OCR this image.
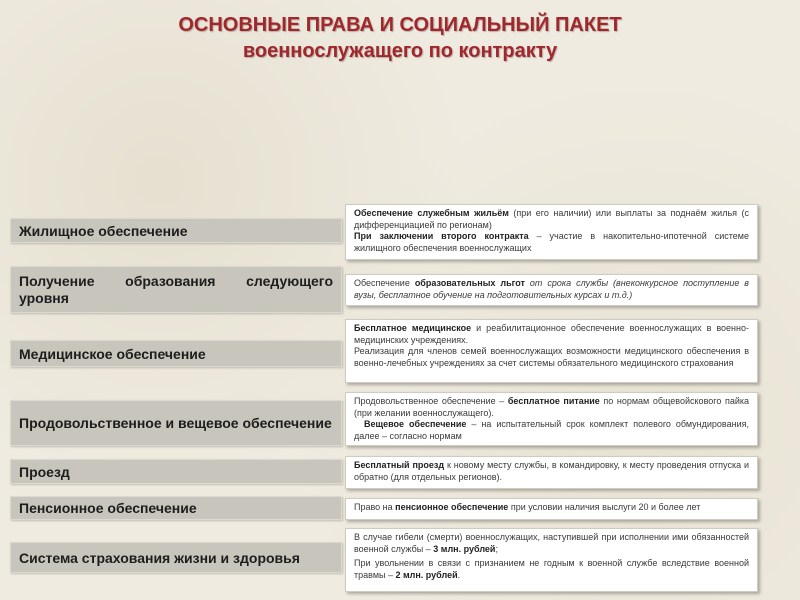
ОСНОВНЫЕ ПРАВА И СОЦИАЛЬНЫЙ ПАКЕТ
военнослужащего по контракту
Жилищное обеспечение

Обеспечение служебным жильём (при его наличии) или выплаты за поднаём жилья (с дифференциацией по регионам)

При заключении второго контракта – участие в накопительно-ипотечной системе жилищного обеспечения военнослужащих

Получение образования следующего уровня

Обеспечение образовательных льгот от срока службы (внеконкурсное поступление в вузы, бесплатное обучение на подготовительных курсах и т.д.)

Медицинское обеспечение

Бесплатное медицинское и реабилитационное обеспечение военнослужащих в военно-медицинских учреждениях.

Реализация для членов семей военнослужащих возможности медицинского обеспечения в военно-лечебных учреждениях за счет системы обязательного медицинского страхования

Продовольственное и вещевое обеспечение

Продовольственное обеспечение – бесплатное питание по нормам общевойскового пайка (при желании военнослужащего).

Вещевое обеспечение – на испытательный срок комплект полевого обмундирования, далее – согласно нормам

Проезд	Бесплатный проезд к новому месту службы, в командировку, к месту проведения отпуска и обратно (для отдельных регионов).

Пенсионное обеспечение	Право на пенсионное обеспечение при условии наличия выслуги 20 и более лет

Система страхования жизни и здоровья

В случае гибели (смерти) военнослужащих, наступившей при исполнении ими обязанностей военной службы – 3 млн. рублей;

При увольнении в связи с признанием не годным к военной службе вследствие военной травмы – 2 млн. рублей.
